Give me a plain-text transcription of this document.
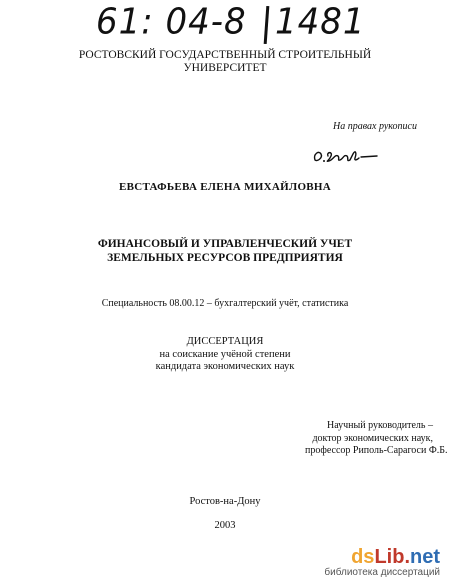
61: 04-8 1481
РОСТОВСКИЙ ГОСУДАРСТВЕННЫЙ СТРОИТЕЛЬНЫЙ
УНИВЕРСИТЕТ
На правах рукописи
ЕВСТАФЬЕВА ЕЛЕНА МИХАЙЛОВНА
ФИНАНСОВЫЙ И УПРАВЛЕНЧЕСКИЙ УЧЕТ
ЗЕМЕЛЬНЫХ РЕСУРСОВ ПРЕДПРИЯТИЯ
Специальность 08.00.12 – бухгалтерский учёт, статистика
ДИССЕРТАЦИЯ
на соискание учёной степени
кандидата экономических наук
Научный руководитель –
доктор экономических наук,
профессор Риполь-Сарагоси Ф.Б.
Ростов-на-Дону
2003
dsLib.net
библиотека диссертаций
